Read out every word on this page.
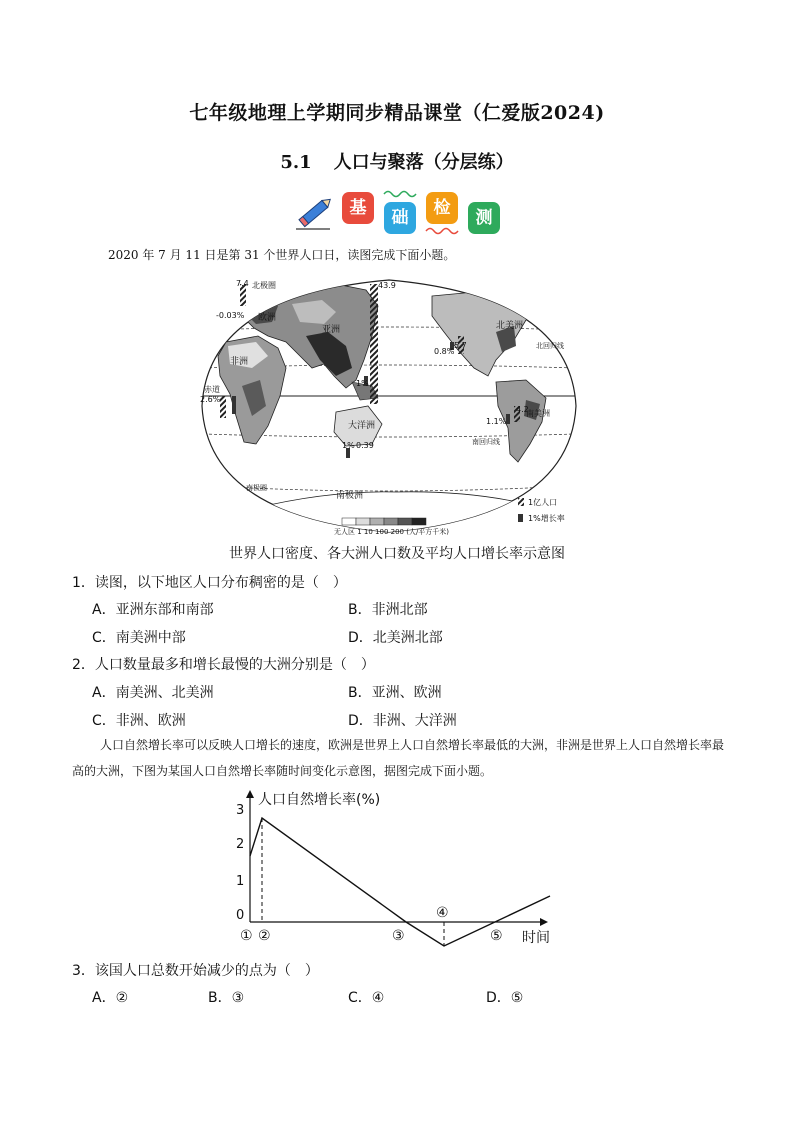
七年级地理上学期同步精品课堂（仁爱版2024)
5.1 人口与聚落（分层练）
基	础	检	测
2020 年 7 月 11 日是第 31 个世界人口日，读图完成下面小题。
7.4 北极圈
-0.03% 欧洲
43.9
亚洲
非洲
赤道
2.6%
1%
北美洲
0.8%
5.7	北回归线
1.1%
4.2
南美洲
南回归线
大洋洲
1% 0.39
南极圈
南极洲
1亿人口
1%增长率
无人区 1 10 100 200 (人/平方千米)
世界人口密度、各大洲人口数及平均人口增长率示意图
1．读图，以下地区人口分布稠密的是（　）
A．亚洲东部和南部	B．非洲北部
C．南美洲中部	D．北美洲北部
2．人口数量最多和增长最慢的大洲分别是（　）
A．南美洲、北美洲	B．亚洲、欧洲
C．非洲、欧洲	D．非洲、大洋洲
人口自然增长率可以反映人口增长的速度，欧洲是世界上人口自然增长率最低的大洲，非洲是世界上人口自然增长率最高的大洲，下图为某国人口自然增长率随时间变化示意图，据图完成下面小题。
3
2
1
0
人口自然增长率(%)
时间
① ②	③
④
⑤
3．该国人口总数开始减少的点为（　）
A．②	B．③	C．④	D．⑤
